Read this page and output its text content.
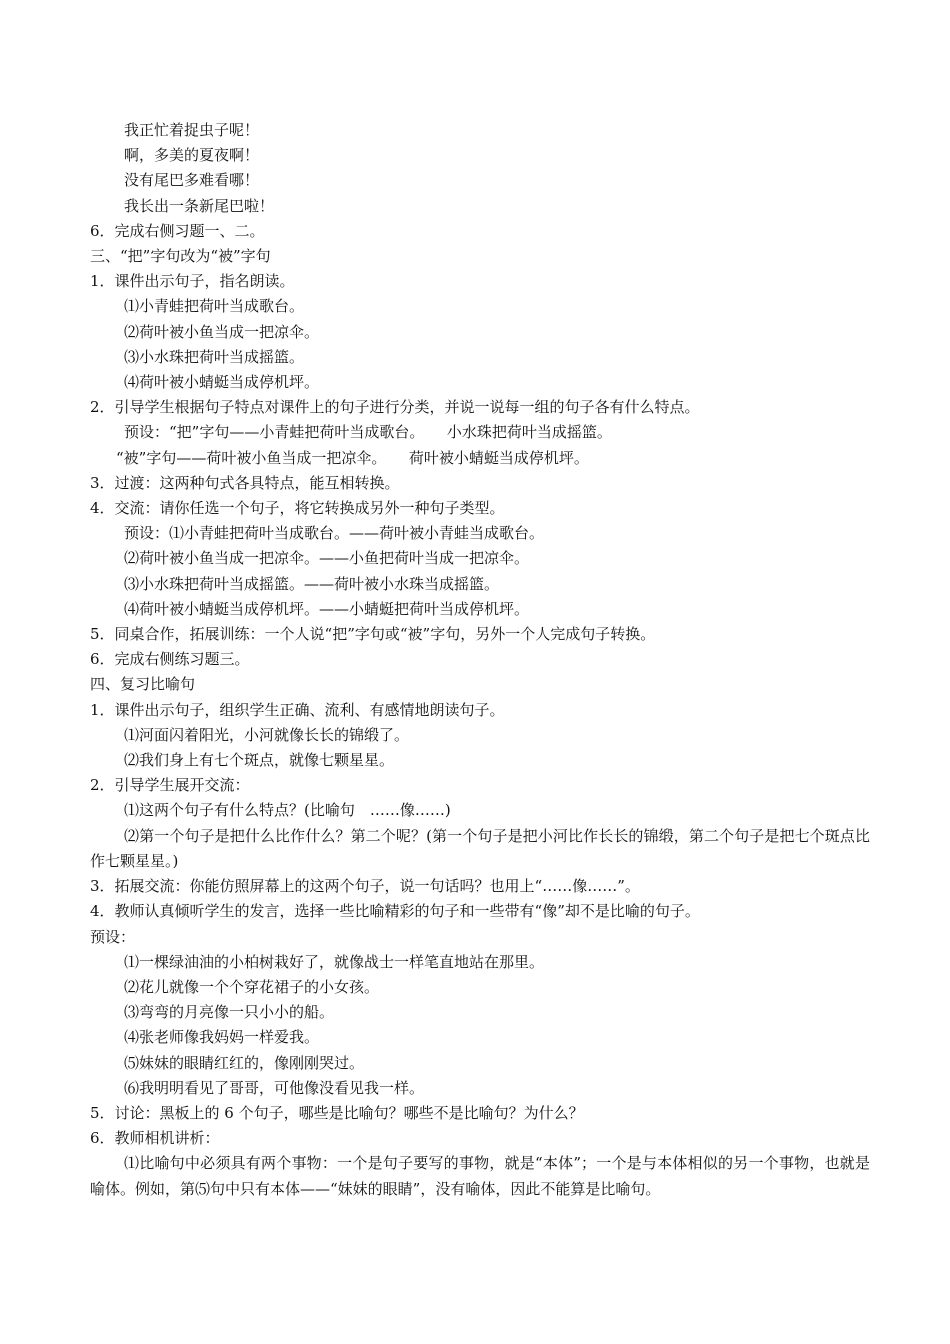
我正忙着捉虫子呢！
啊，多美的夏夜啊！
没有尾巴多难看哪！
我长出一条新尾巴啦！
6．完成右侧习题一、二。
三、“把”字句改为“被”字句
1．课件出示句子，指名朗读。
⑴小青蛙把荷叶当成歌台。
⑵荷叶被小鱼当成一把凉伞。
⑶小水珠把荷叶当成摇篮。
⑷荷叶被小蜻蜓当成停机坪。
2．引导学生根据句子特点对课件上的句子进行分类，并说一说每一组的句子各有什么特点。
预设：“把”字句——小青蛙把荷叶当成歌台。　　小水珠把荷叶当成摇篮。
“被”字句——荷叶被小鱼当成一把凉伞。　　荷叶被小蜻蜓当成停机坪。
3．过渡：这两种句式各具特点，能互相转换。
4．交流：请你任选一个句子，将它转换成另外一种句子类型。
预设：⑴小青蛙把荷叶当成歌台。——荷叶被小青蛙当成歌台。
⑵荷叶被小鱼当成一把凉伞。——小鱼把荷叶当成一把凉伞。
⑶小水珠把荷叶当成摇篮。——荷叶被小水珠当成摇篮。
⑷荷叶被小蜻蜓当成停机坪。——小蜻蜓把荷叶当成停机坪。
5．同桌合作，拓展训练：一个人说“把”字句或“被”字句，另外一个人完成句子转换。
6．完成右侧练习题三。
四、复习比喻句
1．课件出示句子，组织学生正确、流利、有感情地朗读句子。
⑴河面闪着阳光，小河就像长长的锦缎了。
⑵我们身上有七个斑点，就像七颗星星。
2．引导学生展开交流：
⑴这两个句子有什么特点？(比喻句　……像……)
⑵第一个句子是把什么比作什么？第二个呢？(第一个句子是把小河比作长长的锦缎，第二个句子是把七个斑点比作七颗星星。)
3．拓展交流：你能仿照屏幕上的这两个句子，说一句话吗？也用上“……像……”。
4．教师认真倾听学生的发言，选择一些比喻精彩的句子和一些带有“像”却不是比喻的句子。
预设：
⑴一棵绿油油的小柏树栽好了，就像战士一样笔直地站在那里。
⑵花儿就像一个个穿花裙子的小女孩。
⑶弯弯的月亮像一只小小的船。
⑷张老师像我妈妈一样爱我。
⑸妹妹的眼睛红红的，像刚刚哭过。
⑹我明明看见了哥哥，可他像没看见我一样。
5．讨论：黑板上的 6 个句子，哪些是比喻句？哪些不是比喻句？为什么？
6．教师相机讲析：
⑴比喻句中必须具有两个事物：一个是句子要写的事物，就是“本体”；一个是与本体相似的另一个事物，也就是喻体。例如，第⑸句中只有本体——“妹妹的眼睛”，没有喻体，因此不能算是比喻句。
